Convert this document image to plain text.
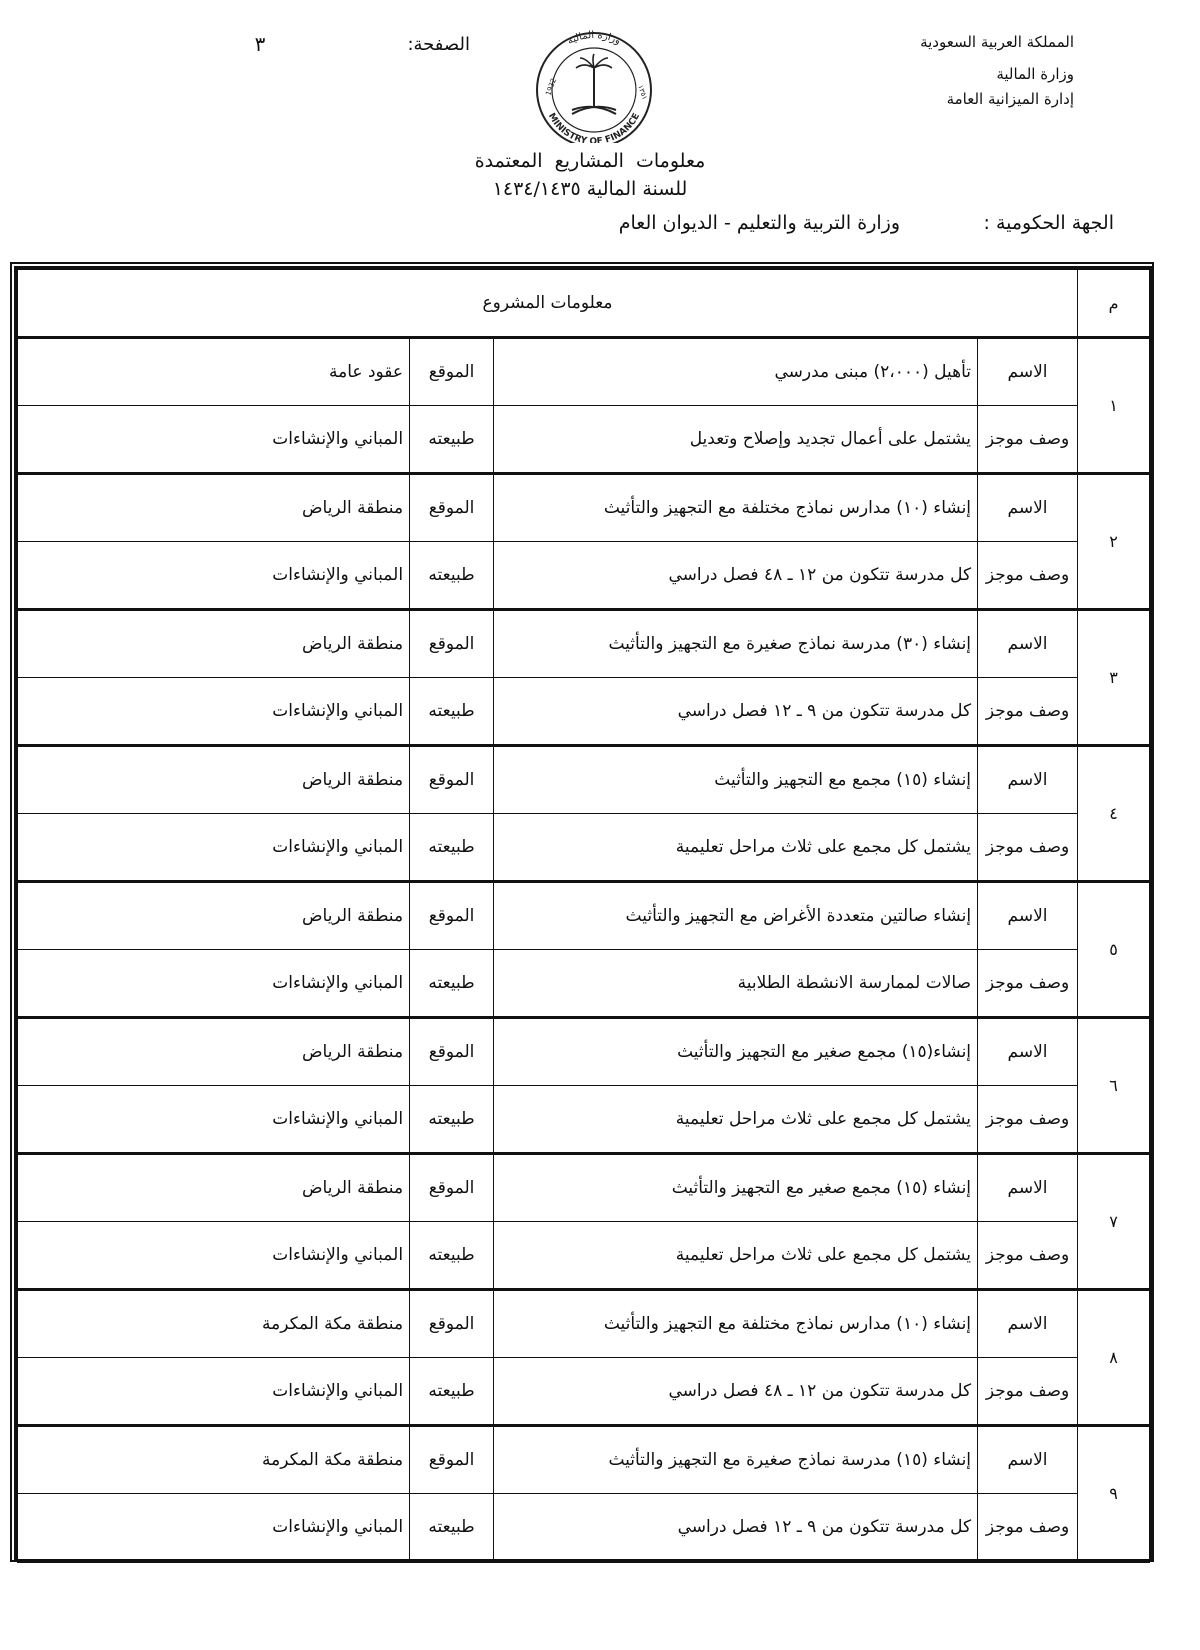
المملكة العربية السعودية
وزارة المالية
إدارة الميزانية العامة
الصفحة:
٣	وزارة المالية
MINISTRY OF FINANCE
1932	١٣٥١
معلومات المشاريع المعتمدة
للسنة المالية ١٤٣٤/١٤٣٥
الجهة الحكومية :
وزارة التربية والتعليم - الديوان العام
م	معلومات المشروع			
١	الاسم	تأهيل (٢،٠٠٠) مبنى مدرسي	الموقع	عقود عامة
	وصف موجز	يشتمل على أعمال تجديد وإصلاح وتعديل	طبيعته	المباني والإنشاءات
٢	الاسم	إنشاء (١٠) مدارس نماذج مختلفة مع التجهيز والتأثيث	الموقع	منطقة الرياض
	وصف موجز	كل مدرسة تتكون من ١٢ ـ ٤٨ فصل دراسي	طبيعته	المباني والإنشاءات
٣	الاسم	إنشاء (٣٠) مدرسة نماذج صغيرة مع التجهيز والتأثيث	الموقع	منطقة الرياض
	وصف موجز	كل مدرسة تتكون من ٩ ـ ١٢ فصل دراسي	طبيعته	المباني والإنشاءات
٤	الاسم	إنشاء (١٥) مجمع مع التجهيز والتأثيث	الموقع	منطقة الرياض
	وصف موجز	يشتمل كل مجمع على ثلاث مراحل تعليمية	طبيعته	المباني والإنشاءات
٥	الاسم	إنشاء صالتين متعددة الأغراض مع التجهيز والتأثيث	الموقع	منطقة الرياض
	وصف موجز	صالات لممارسة الانشطة الطلابية	طبيعته	المباني والإنشاءات
٦	الاسم	إنشاء(١٥) مجمع صغير مع التجهيز والتأثيث	الموقع	منطقة الرياض
	وصف موجز	يشتمل كل مجمع على ثلاث مراحل تعليمية	طبيعته	المباني والإنشاءات
٧	الاسم	إنشاء (١٥) مجمع صغير مع التجهيز والتأثيث	الموقع	منطقة الرياض
	وصف موجز	يشتمل كل مجمع على ثلاث مراحل تعليمية	طبيعته	المباني والإنشاءات
٨	الاسم	إنشاء (١٠) مدارس نماذج مختلفة مع التجهيز والتأثيث	الموقع	منطقة مكة المكرمة
	وصف موجز	كل مدرسة تتكون من ١٢ ـ ٤٨ فصل دراسي	طبيعته	المباني والإنشاءات
٩	الاسم	إنشاء (١٥) مدرسة نماذج صغيرة مع التجهيز والتأثيث	الموقع	منطقة مكة المكرمة
	وصف موجز	كل مدرسة تتكون من ٩ ـ ١٢ فصل دراسي	طبيعته	المباني والإنشاءات
